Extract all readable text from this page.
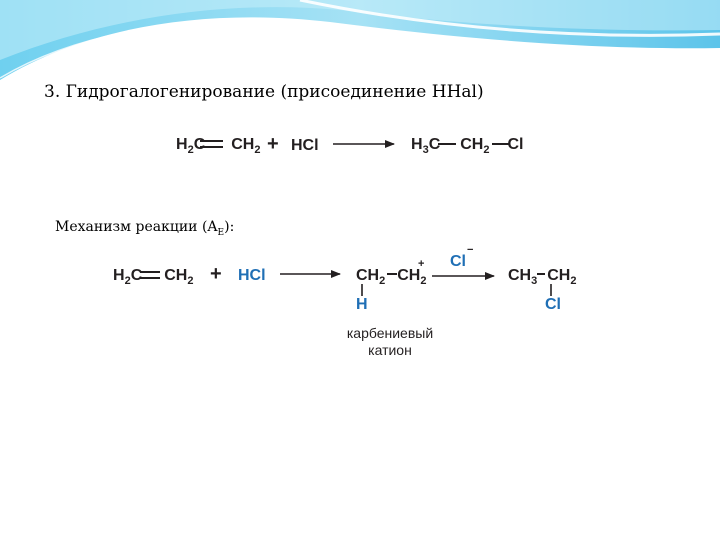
3. Гидрогалогенирование (присоединение HHal)
$H_2C$ $CH_2$ + HCl	$H_3C$ $CH_2$ Cl
Механизм реакции $(A_E)$:
$H_2C$ $CH_2$ + HCl	$CH_2$ $CH_2$
+
H
Cl
−
$CH_3$ $CH_2$
Cl
карбениевый
катион
